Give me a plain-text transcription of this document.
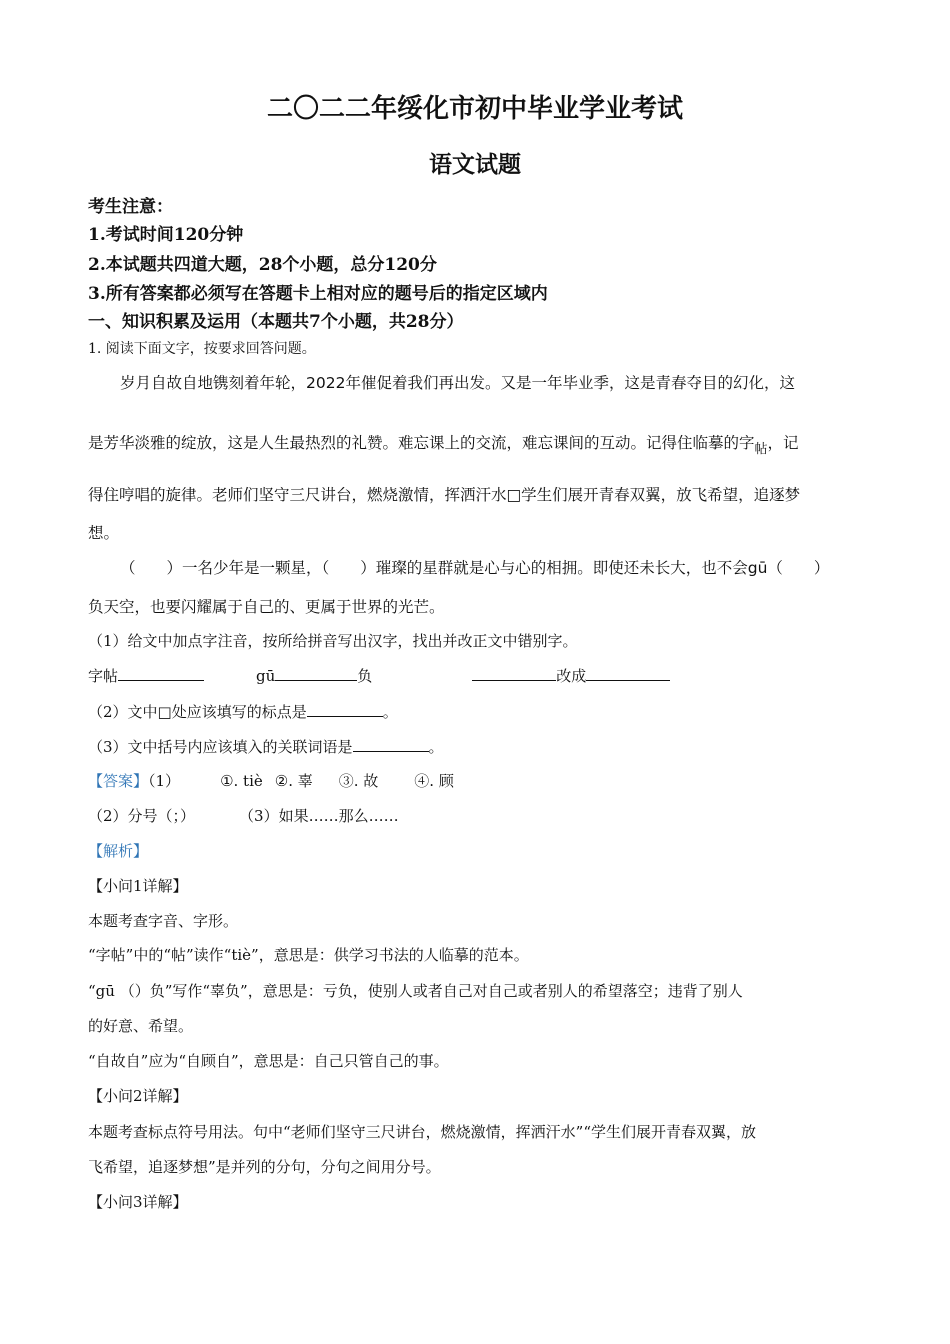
二〇二二年绥化市初中毕业学业考试
语文试题
考生注意：
1.考试时间120分钟
2.本试题共四道大题，28个小题，总分120分
3.所有答案都必须写在答题卡上相对应的题号后的指定区域内
一、知识积累及运用（本题共7个小题，共28分）
1. 阅读下面文字，按要求回答问题。
岁月自故自地镌刻着年轮，2022年催促着我们再出发。又是一年毕业季，这是青春夺目的幻化，这
是芳华淡雅的绽放，这是人生最热烈的礼赞。难忘课上的交流，难忘课间的互动。记得住临摹的字$_帖$，记
得住哼唱的旋律。老师们坚守三尺讲台，燃烧激情，挥洒汗水□学生们展开青春双翼，放飞希望，追逐梦
想。
（　　）一名少年是一颗星，（　　）璀璨的星群就是心与心的相拥。即使还未长大，也不会gū（　　）
负天空，也要闪耀属于自己的、更属于世界的光芒。
（1）给文中加点字注音，按所给拼音写出汉字，找出并改正文中错别字。
字帖	gū	负	改成
（2）文中□处应该填写的标点是	。
（3）文中括号内应该填入的关联词语是	。
【答案】（1）	①. tiè ②. 辜 ③. 故 ④. 顾
（2）分号（；）	（3）如果……那么……
【解析】
【小问1详解】
本题考查字音、字形。
“字帖”中的“帖”读作“tiè”，意思是：供学习书法的人临摹的范本。
“gū （）负”写作“辜负”，意思是：亏负，使别人或者自己对自己或者别人的希望落空；违背了别人
的好意、希望。
“自故自”应为“自顾自”，意思是：自己只管自己的事。
【小问2详解】
本题考查标点符号用法。句中“老师们坚守三尺讲台，燃烧激情，挥洒汗水”“学生们展开青春双翼，放
飞希望，追逐梦想”是并列的分句，分句之间用分号。
【小问3详解】
